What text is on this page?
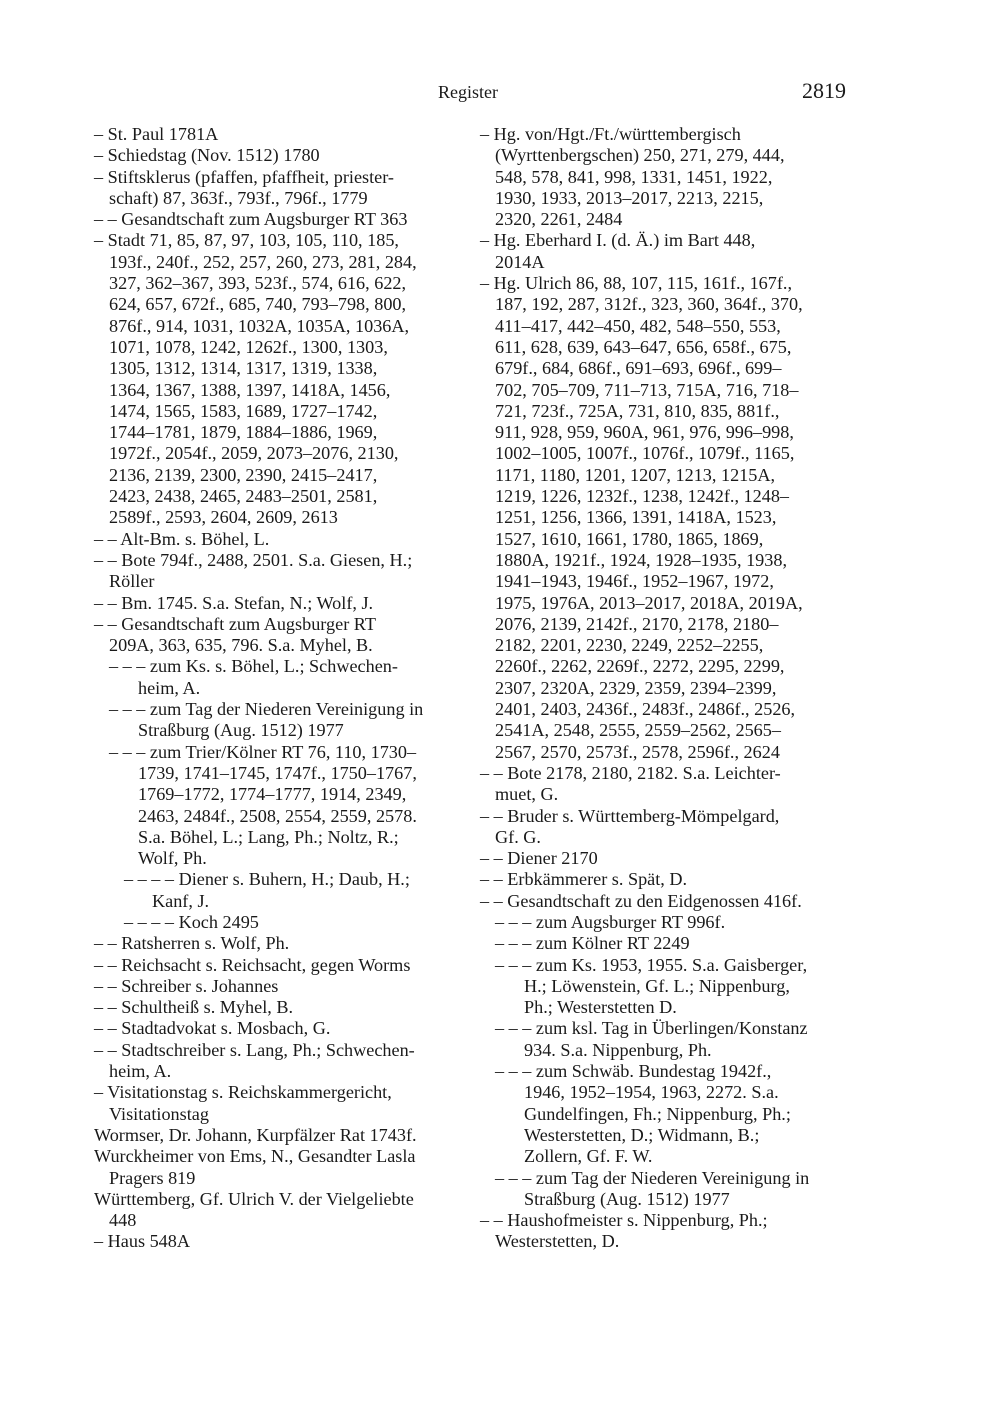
Register	2819
– St. Paul 1781A
– Schiedstag (Nov. 1512) 1780
– Stiftsklerus (pfaffen, pfaffheit, priester-
schaft) 87, 363f., 793f., 796f., 1779
– – Gesandtschaft zum Augsburger RT 363
– Stadt 71, 85, 87, 97, 103, 105, 110, 185,
193f., 240f., 252, 257, 260, 273, 281, 284,
327, 362–367, 393, 523f., 574, 616, 622,
624, 657, 672f., 685, 740, 793–798, 800,
876f., 914, 1031, 1032A, 1035A, 1036A,
1071, 1078, 1242, 1262f., 1300, 1303,
1305, 1312, 1314, 1317, 1319, 1338,
1364, 1367, 1388, 1397, 1418A, 1456,
1474, 1565, 1583, 1689, 1727–1742,
1744–1781, 1879, 1884–1886, 1969,
1972f., 2054f., 2059, 2073–2076, 2130,
2136, 2139, 2300, 2390, 2415–2417,
2423, 2438, 2465, 2483–2501, 2581,
2589f., 2593, 2604, 2609, 2613
– – Alt-Bm. s. Böhel, L.
– – Bote 794f., 2488, 2501. S.a. Giesen, H.;
Röller
– – Bm. 1745. S.a. Stefan, N.; Wolf, J.
– – Gesandtschaft zum Augsburger RT
209A, 363, 635, 796. S.a. Myhel, B.
– – – zum Ks. s. Böhel, L.; Schwechen-
heim, A.
– – – zum Tag der Niederen Vereinigung in
Straßburg (Aug. 1512) 1977
– – – zum Trier/Kölner RT 76, 110, 1730–
1739, 1741–1745, 1747f., 1750–1767,
1769–1772, 1774–1777, 1914, 2349,
2463, 2484f., 2508, 2554, 2559, 2578.
S.a. Böhel, L.; Lang, Ph.; Noltz, R.;
Wolf, Ph.
– – – – Diener s. Buhern, H.; Daub, H.;
Kanf, J.
– – – – Koch 2495
– – Ratsherren s. Wolf, Ph.
– – Reichsacht s. Reichsacht, gegen Worms
– – Schreiber s. Johannes
– – Schultheiß s. Myhel, B.
– – Stadtadvokat s. Mosbach, G.
– – Stadtschreiber s. Lang, Ph.; Schwechen-
heim, A.
– Visitationstag s. Reichskammergericht,
Visitationstag
Wormser, Dr. Johann, Kurpfälzer Rat 1743f.
Wurckheimer von Ems, N., Gesandter Lasla
Pragers 819
Württemberg, Gf. Ulrich V. der Vielgeliebte
448
– Haus 548A
– Hg. von/Hgt./Ft./württembergisch
(Wyrttenbergschen) 250, 271, 279, 444,
548, 578, 841, 998, 1331, 1451, 1922,
1930, 1933, 2013–2017, 2213, 2215,
2320, 2261, 2484
– Hg. Eberhard I. (d. Ä.) im Bart 448,
2014A
– Hg. Ulrich 86, 88, 107, 115, 161f., 167f.,
187, 192, 287, 312f., 323, 360, 364f., 370,
411–417, 442–450, 482, 548–550, 553,
611, 628, 639, 643–647, 656, 658f., 675,
679f., 684, 686f., 691–693, 696f., 699–
702, 705–709, 711–713, 715A, 716, 718–
721, 723f., 725A, 731, 810, 835, 881f.,
911, 928, 959, 960A, 961, 976, 996–998,
1002–1005, 1007f., 1076f., 1079f., 1165,
1171, 1180, 1201, 1207, 1213, 1215A,
1219, 1226, 1232f., 1238, 1242f., 1248–
1251, 1256, 1366, 1391, 1418A, 1523,
1527, 1610, 1661, 1780, 1865, 1869,
1880A, 1921f., 1924, 1928–1935, 1938,
1941–1943, 1946f., 1952–1967, 1972,
1975, 1976A, 2013–2017, 2018A, 2019A,
2076, 2139, 2142f., 2170, 2178, 2180–
2182, 2201, 2230, 2249, 2252–2255,
2260f., 2262, 2269f., 2272, 2295, 2299,
2307, 2320A, 2329, 2359, 2394–2399,
2401, 2403, 2436f., 2483f., 2486f., 2526,
2541A, 2548, 2555, 2559–2562, 2565–
2567, 2570, 2573f., 2578, 2596f., 2624
– – Bote 2178, 2180, 2182. S.a. Leichter-
muet, G.
– – Bruder s. Württemberg-Mömpelgard,
Gf. G.
– – Diener 2170
– – Erbkämmerer s. Spät, D.
– – Gesandtschaft zu den Eidgenossen 416f.
– – – zum Augsburger RT 996f.
– – – zum Kölner RT 2249
– – – zum Ks. 1953, 1955. S.a. Gaisberger,
H.; Löwenstein, Gf. L.; Nippenburg,
Ph.; Westerstetten D.
– – – zum ksl. Tag in Überlingen/Konstanz
934. S.a. Nippenburg, Ph.
– – – zum Schwäb. Bundestag 1942f.,
1946, 1952–1954, 1963, 2272. S.a.
Gundelfingen, Fh.; Nippenburg, Ph.;
Westerstetten, D.; Widmann, B.;
Zollern, Gf. F. W.
– – – zum Tag der Niederen Vereinigung in
Straßburg (Aug. 1512) 1977
– – Haushofmeister s. Nippenburg, Ph.;
Westerstetten, D.
